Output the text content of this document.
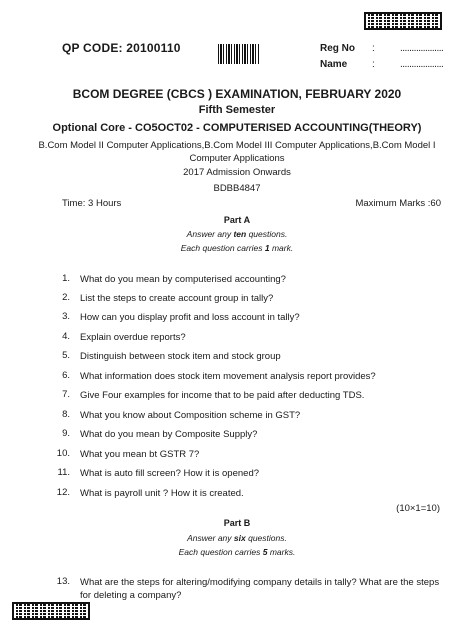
QP CODE: 20100110	Reg No :	...................
Name :	...................
BCOM DEGREE (CBCS ) EXAMINATION, FEBRUARY 2020
Fifth Semester
Optional Core - CO5OCT02 - COMPUTERISED ACCOUNTING(THEORY)
B.Com Model II Computer Applications,B.Com Model III Computer Applications,B.Com Model I Computer Applications
2017 Admission Onwards
BDBB4847
Time: 3 Hours	Maximum Marks :60
Part A
Answer any ten questions.
Each question carries 1 mark.
1. What do you mean by computerised accounting?
2. List the steps to create account group in tally?
3. How can you display profit and loss account in tally?
4. Explain overdue reports?
5. Distinguish between stock item and stock group
6. What information does stock item movement analysis report provides?
7. Give Four examples for income that to be paid after deducting TDS.
8. What you know about Composition scheme in GST?
9. What do you mean by Composite Supply?
10. What you mean bt GSTR 7?
11. What is auto fill screen? How it is opened?
12. What is payroll unit ? How it is created.
(10×1=10)
Part B
Answer any six questions.
Each question carries 5 marks.
13. What are the steps for altering/modifying company details in tally? What are the steps for deleting a company?
